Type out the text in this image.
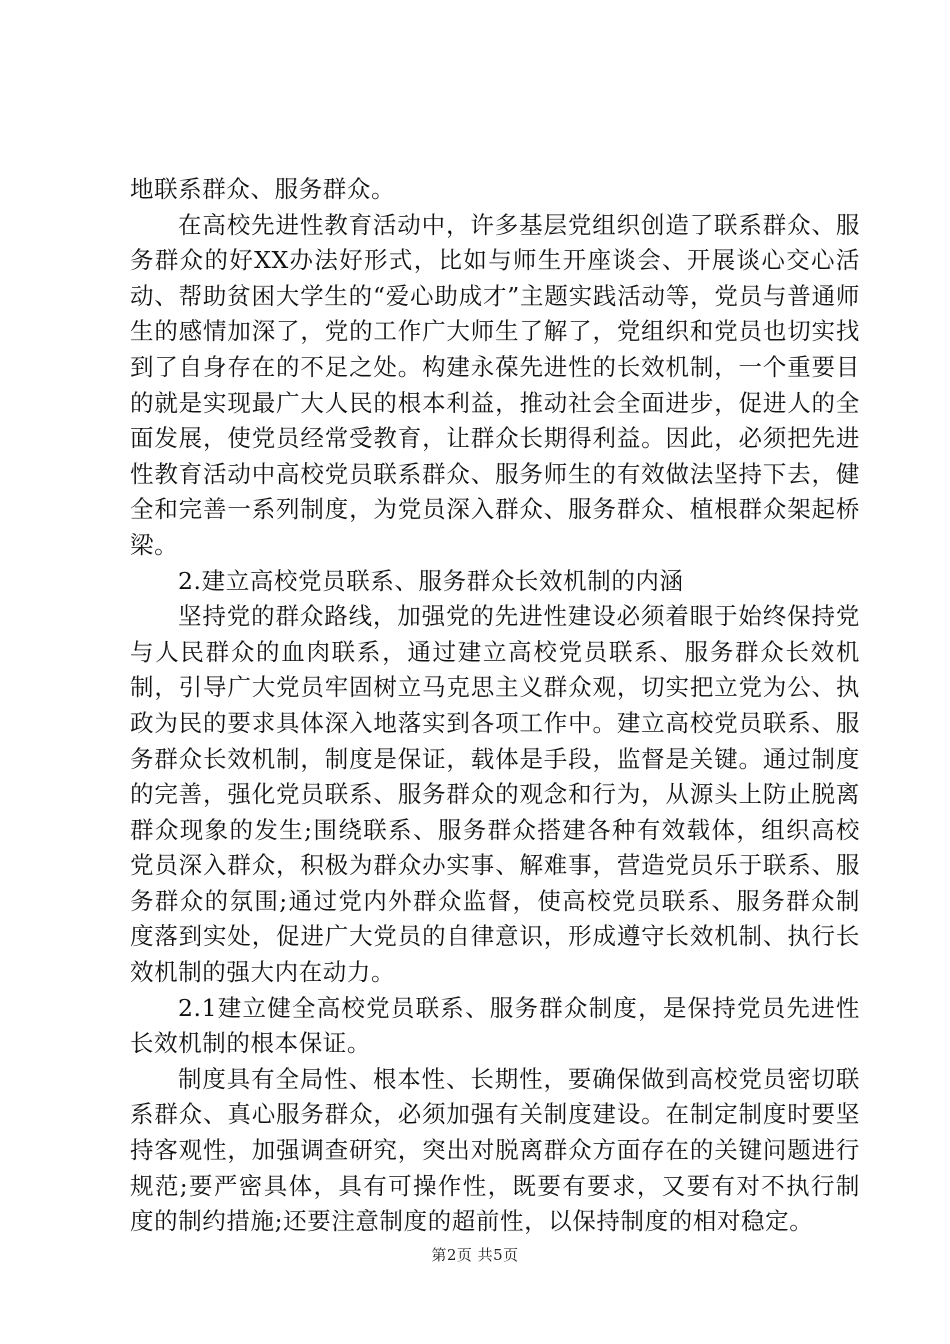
地联系群众、服务群众。

在高校先进性教育活动中，许多基层党组织创造了联系群众、服务群众的好XX办法好形式，比如与师生开座谈会、开展谈心交心活动、帮助贫困大学生的“爱心助成才”主题实践活动等，党员与普通师生的感情加深了，党的工作广大师生了解了，党组织和党员也切实找到了自身存在的不足之处。构建永葆先进性的长效机制，一个重要目的就是实现最广大人民的根本利益，推动社会全面进步，促进人的全面发展，使党员经常受教育，让群众长期得利益。因此，必须把先进性教育活动中高校党员联系群众、服务师生的有效做法坚持下去，健全和完善一系列制度，为党员深入群众、服务群众、植根群众架起桥梁。

2.建立高校党员联系、服务群众长效机制的内涵

坚持党的群众路线，加强党的先进性建设必须着眼于始终保持党与人民群众的血肉联系，通过建立高校党员联系、服务群众长效机制，引导广大党员牢固树立马克思主义群众观，切实把立党为公、执政为民的要求具体深入地落实到各项工作中。建立高校党员联系、服务群众长效机制，制度是保证，载体是手段，监督是关键。通过制度的完善，强化党员联系、服务群众的观念和行为，从源头上防止脱离群众现象的发生;围绕联系、服务群众搭建各种有效载体，组织高校党员深入群众，积极为群众办实事、解难事，营造党员乐于联系、服务群众的氛围;通过党内外群众监督，使高校党员联系、服务群众制度落到实处，促进广大党员的自律意识，形成遵守长效机制、执行长效机制的强大内在动力。

2.1建立健全高校党员联系、服务群众制度，是保持党员先进性长效机制的根本保证。

制度具有全局性、根本性、长期性，要确保做到高校党员密切联系群众、真心服务群众，必须加强有关制度建设。在制定制度时要坚持客观性，加强调查研究，突出对脱离群众方面存在的关键问题进行规范;要严密具体，具有可操作性，既要有要求，又要有对不执行制度的制约措施;还要注意制度的超前性，以保持制度的相对稳定。

第2页 共5页
